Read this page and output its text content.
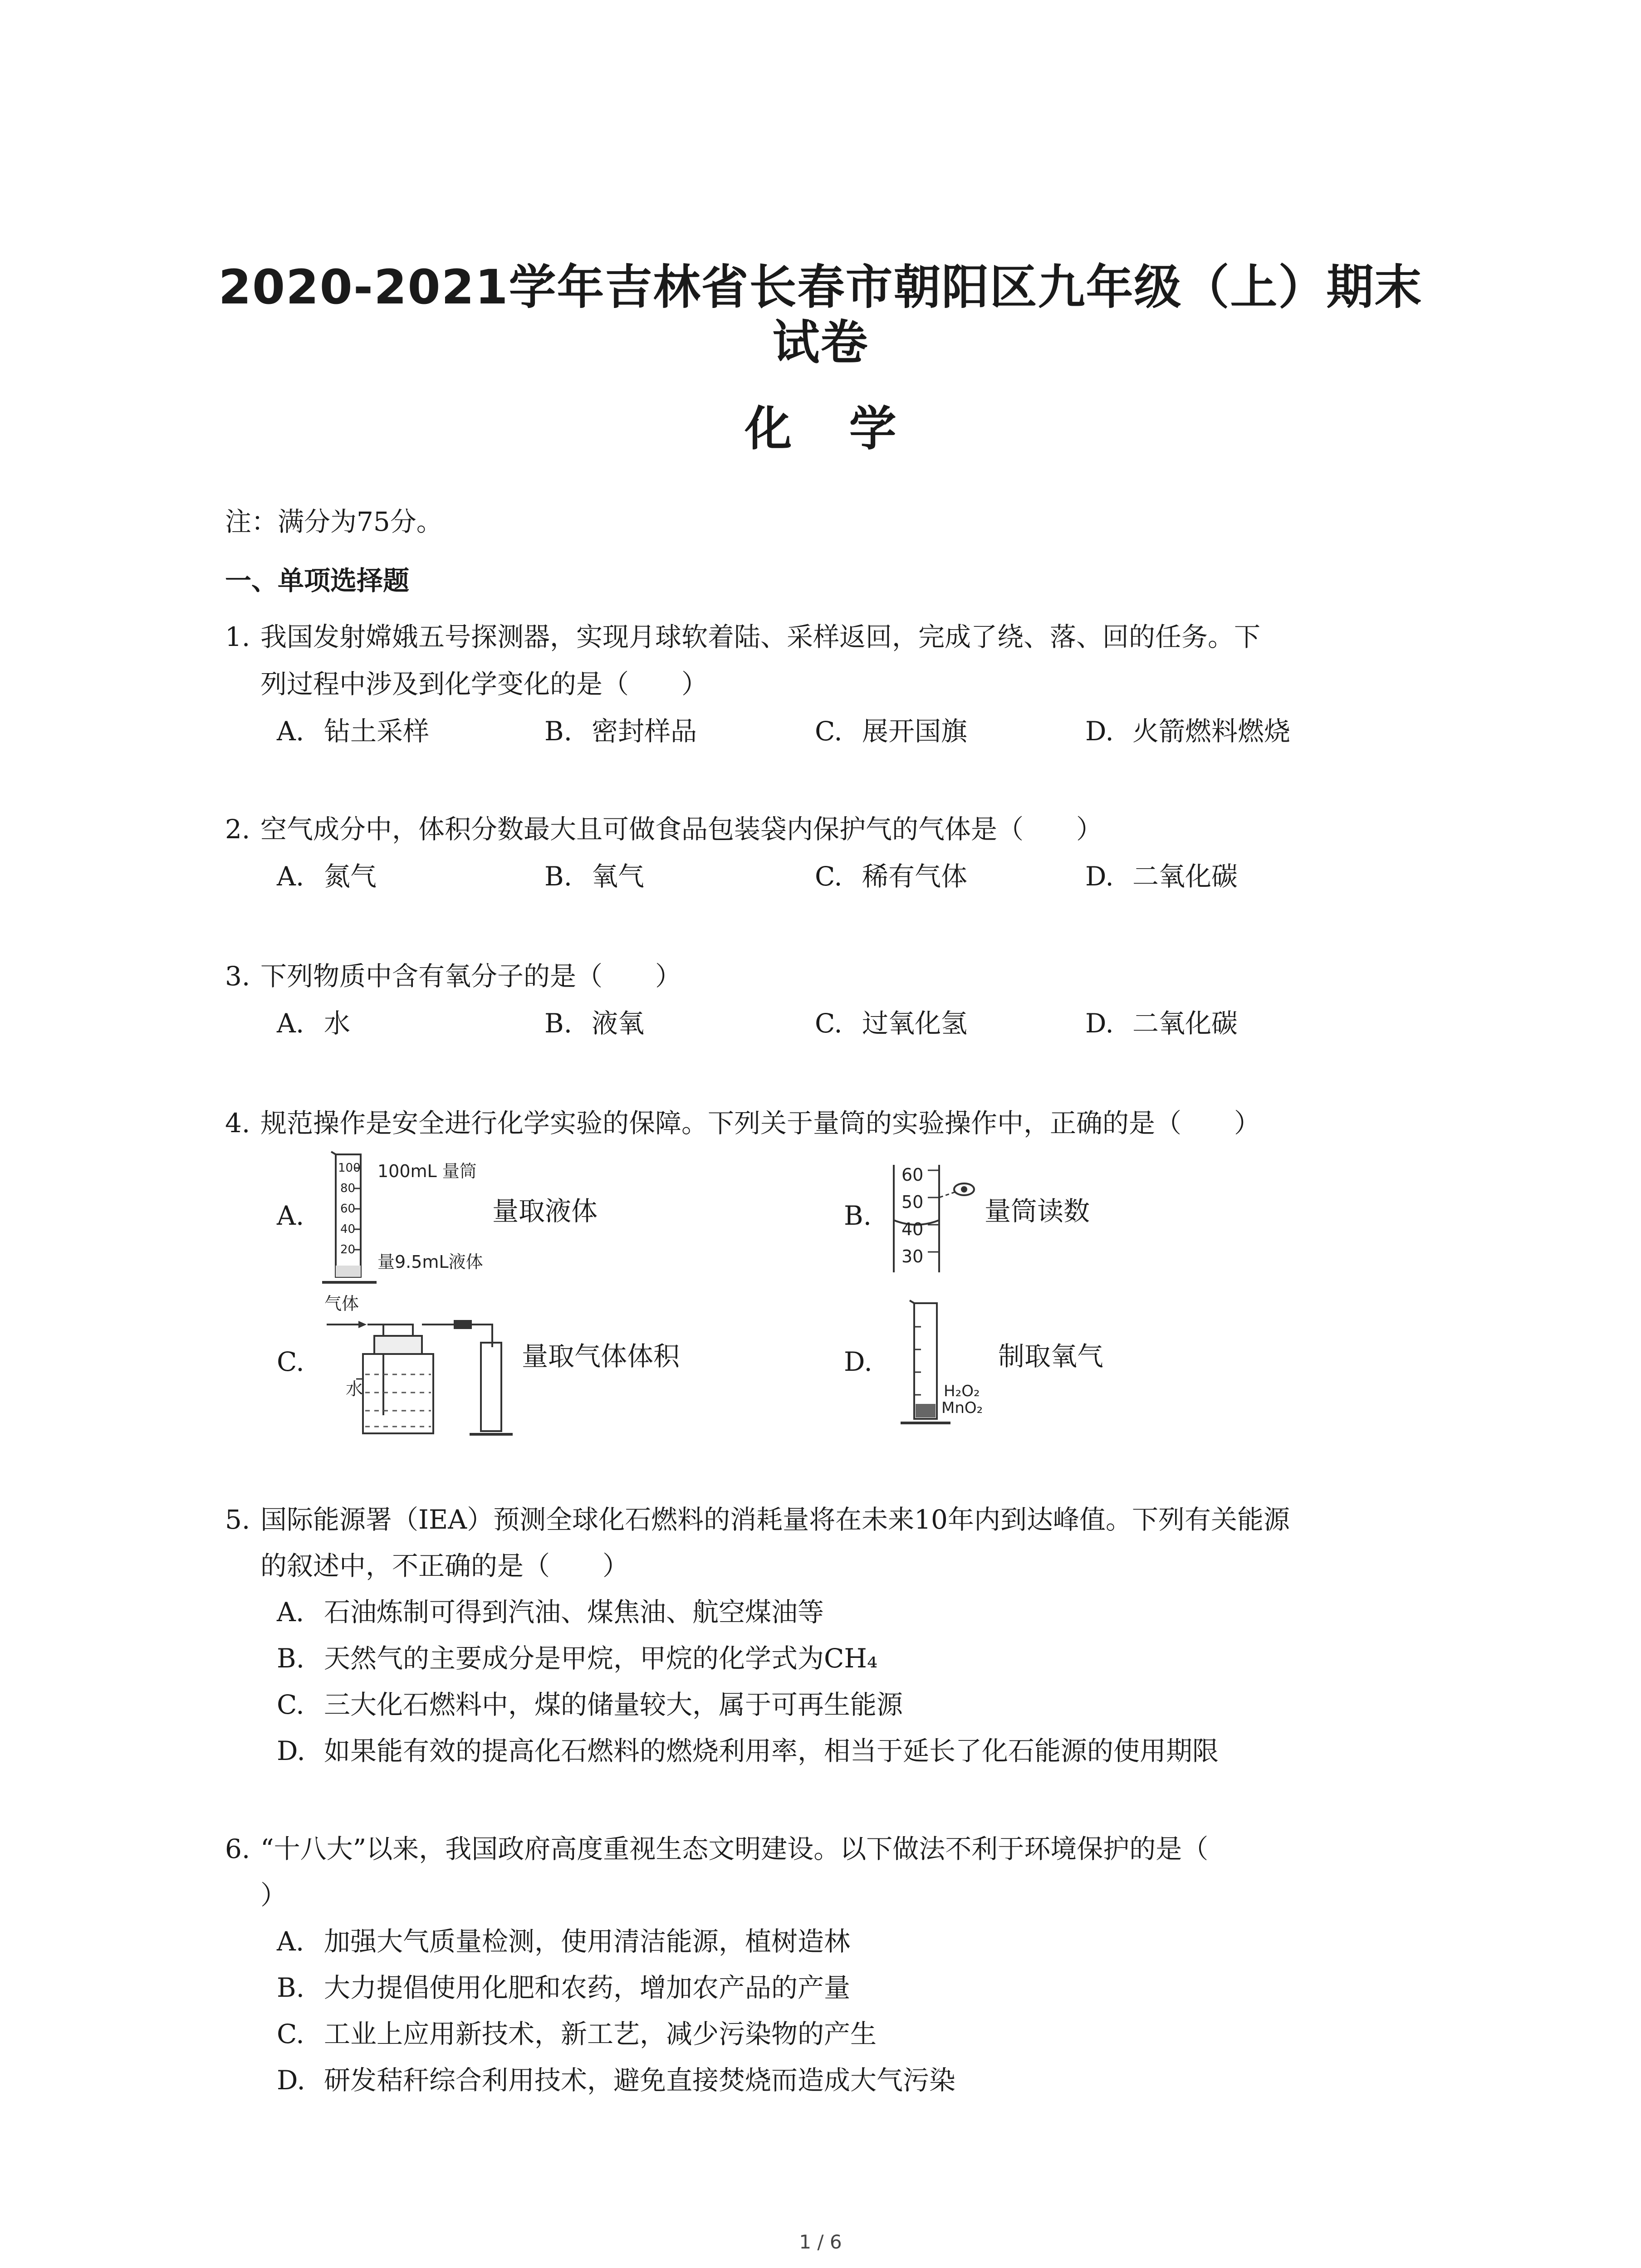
2020-2021学年吉林省长春市朝阳区九年级（上）期末
试卷
化 学
注：满分为75分。
一、单项选择题
1. 我国发射嫦娥五号探测器，实现月球软着陆、采样返回，完成了绕、落、回的任务。下
列过程中涉及到化学变化的是（　　）
A. 钻土采样	B. 密封样品	C. 展开国旗	D. 火箭燃料燃烧
2. 空气成分中，体积分数最大且可做食品包装袋内保护气的气体是（　　）
A. 氮气	B. 氧气	C. 稀有气体	D. 二氧化碳
3. 下列物质中含有氧分子的是（　　）
A. 水	B. 液氧	C. 过氧化氢	D. 二氧化碳
4. 规范操作是安全进行化学实验的保障。下列关于量筒的实验操作中，正确的是（　　）
A.
100
80
60
40
20
100mL 量筒
量9.5mL液体
量取液体	B.
60
50
40
30
量筒读数
C.
气体
水
量取气体体积	D.
H₂O₂
MnO₂
制取氧气
5. 国际能源署（IEA）预测全球化石燃料的消耗量将在未来10年内到达峰值。下列有关能源
的叙述中，不正确的是（　　）
A. 石油炼制可得到汽油、煤焦油、航空煤油等
B. 天然气的主要成分是甲烷，甲烷的化学式为CH₄
C. 三大化石燃料中，煤的储量较大，属于可再生能源
D. 如果能有效的提高化石燃料的燃烧利用率，相当于延长了化石能源的使用期限
6. “十八大”以来，我国政府高度重视生态文明建设。以下做法不利于环境保护的是（
）
A. 加强大气质量检测，使用清洁能源，植树造林
B. 大力提倡使用化肥和农药，增加农产品的产量
C. 工业上应用新技术，新工艺，减少污染物的产生
D. 研发秸秆综合利用技术，避免直接焚烧而造成大气污染
1 / 6
